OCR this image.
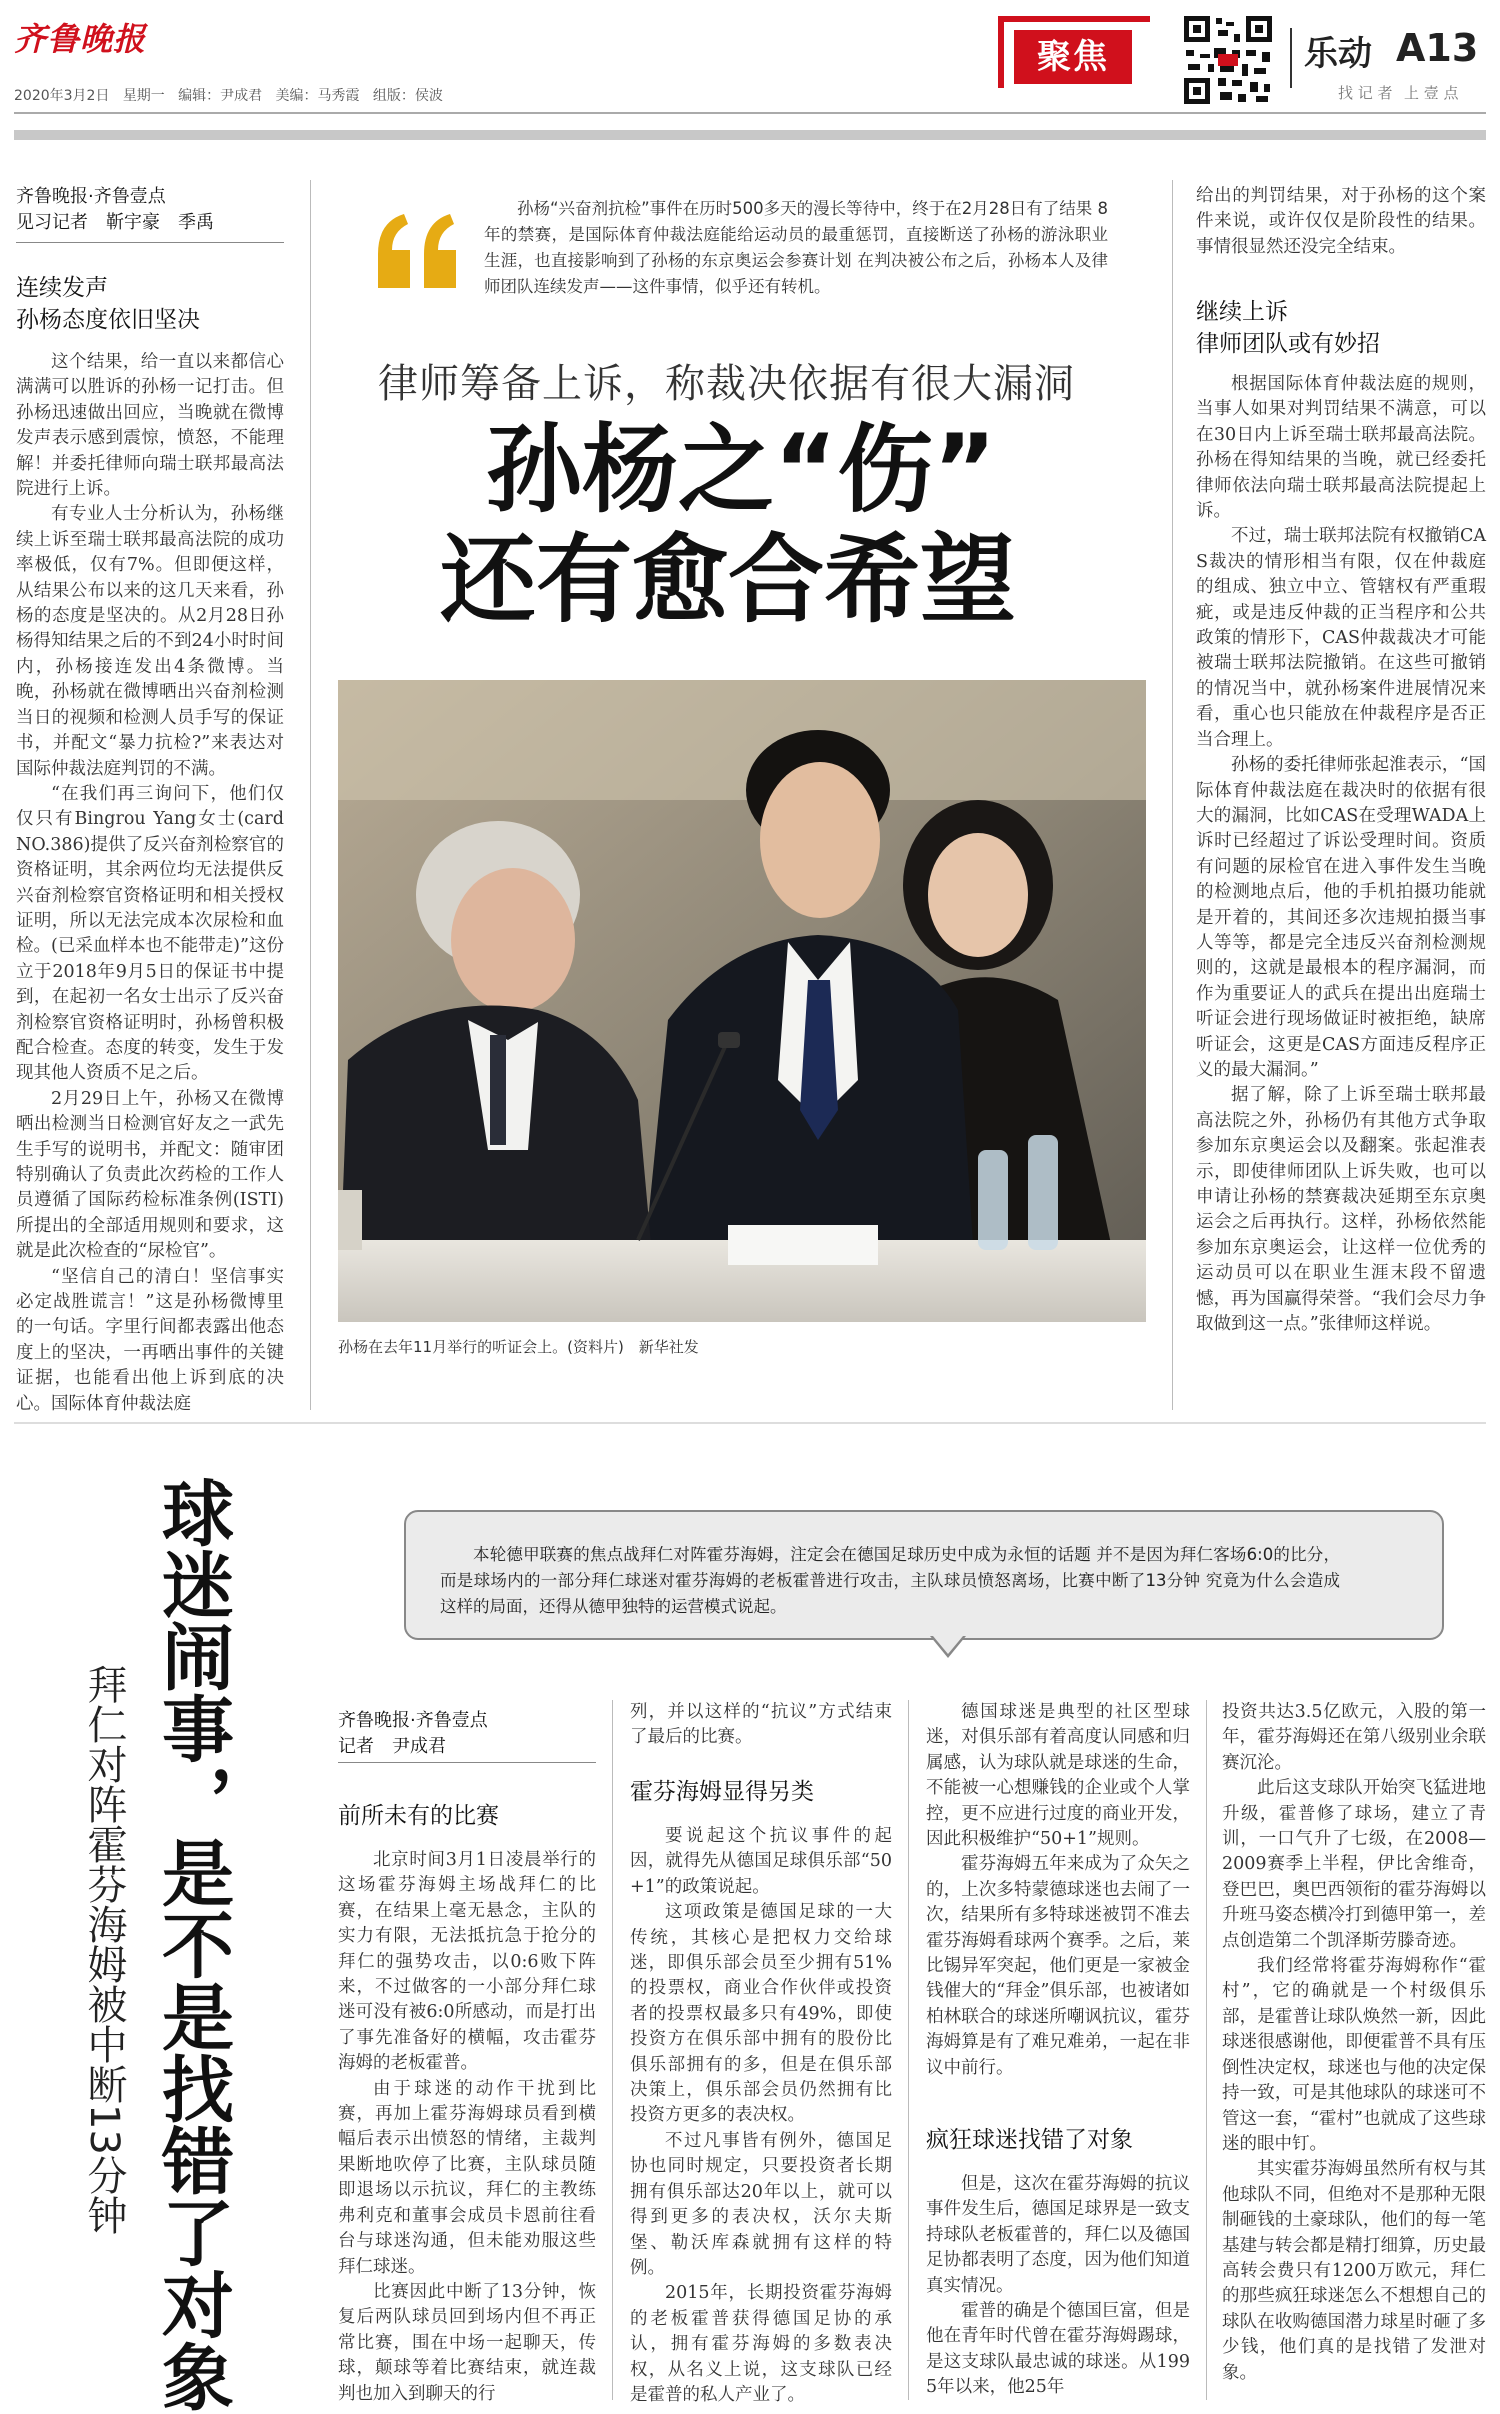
齐鲁晚报
2020年3月2日 星期一 编辑：尹成君 美编：马秀霞 组版：侯波
聚焦	乐动 A13
找 记 者 上 壹 点
齐鲁晚报·齐鲁壹点
见习记者　靳宇豪　季禹
连续发声
孙杨态度依旧坚决

这个结果，给一直以来都信心满满可以胜诉的孙杨一记打击。但孙杨迅速做出回应，当晚就在微博发声表示感到震惊，愤怒，不能理解！并委托律师向瑞士联邦最高法院进行上诉。

有专业人士分析认为，孙杨继续上诉至瑞士联邦最高法院的成功率极低，仅有7%。但即便这样，从结果公布以来的这几天来看，孙杨的态度是坚决的。从2月28日孙杨得知结果之后的不到24小时时间内，孙杨接连发出4条微博。当晚，孙杨就在微博晒出兴奋剂检测当日的视频和检测人员手写的保证书，并配文“暴力抗检?”来表达对国际仲裁法庭判罚的不满。

“在我们再三询问下，他们仅仅只有Bingrou Yang女士(card NO.386)提供了反兴奋剂检察官的资格证明，其余两位均无法提供反兴奋剂检察官资格证明和相关授权证明，所以无法完成本次尿检和血检。(已采血样本也不能带走)”这份立于2018年9月5日的保证书中提到，在起初一名女士出示了反兴奋剂检察官资格证明时，孙杨曾积极配合检查。态度的转变，发生于发现其他人资质不足之后。

2月29日上午，孙杨又在微博晒出检测当日检测官好友之一武先生手写的说明书，并配文：随审团特别确认了负责此次药检的工作人员遵循了国际药检标准条例(ISTI)所提出的全部适用规则和要求，这就是此次检查的“尿检官”。

“坚信自己的清白！坚信事实必定战胜谎言！”这是孙杨微博里的一句话。字里行间都表露出他态度上的坚决，一再晒出事件的关键证据，也能看出他上诉到底的决心。国际体育仲裁法庭

孙杨“兴奋剂抗检”事件在历时500多天的漫长等待中，终于在2月28日有了结果 8年的禁赛，是国际体育仲裁法庭能给运动员的最重惩罚，直接断送了孙杨的游泳职业生涯，也直接影响到了孙杨的东京奥运会参赛计划 在判决被公布之后，孙杨本人及律师团队连续发声——这件事情，似乎还有转机。
律师筹备上诉，称裁决依据有很大漏洞
孙杨之“伤”
还有愈合希望
孙杨在去年11月举行的听证会上。(资料片)　新华社发

给出的判罚结果，对于孙杨的这个案件来说，或许仅仅是阶段性的结果。事情很显然还没完全结束。

继续上诉
律师团队或有妙招

根据国际体育仲裁法庭的规则，当事人如果对判罚结果不满意，可以在30日内上诉至瑞士联邦最高法院。孙杨在得知结果的当晚，就已经委托律师依法向瑞士联邦最高法院提起上诉。

不过，瑞士联邦法院有权撤销CAS裁决的情形相当有限，仅在仲裁庭的组成、独立中立、管辖权有严重瑕疵，或是违反仲裁的正当程序和公共政策的情形下，CAS仲裁裁决才可能被瑞士联邦法院撤销。在这些可撤销的情况当中，就孙杨案件进展情况来看，重心也只能放在仲裁程序是否正当合理上。

孙杨的委托律师张起淮表示，“国际体育仲裁法庭在裁决时的依据有很大的漏洞，比如CAS在受理WADA上诉时已经超过了诉讼受理时间。资质有问题的尿检官在进入事件发生当晚的检测地点后，他的手机拍摄功能就是开着的，其间还多次违规拍摄当事人等等，都是完全违反兴奋剂检测规则的，这就是最根本的程序漏洞，而作为重要证人的武兵在提出出庭瑞士听证会进行现场做证时被拒绝，缺席听证会，这更是CAS方面违反程序正义的最大漏洞。”

据了解，除了上诉至瑞士联邦最高法院之外，孙杨仍有其他方式争取参加东京奥运会以及翻案。张起淮表示，即使律师团队上诉失败，也可以申请让孙杨的禁赛裁决延期至东京奥运会之后再执行。这样，孙杨依然能参加东京奥运会，让这样一位优秀的运动员可以在职业生涯末段不留遗憾，再为国赢得荣誉。“我们会尽力争取做到这一点。”张律师这样说。

球迷闹事，是不是找错了对象
拜仁对阵霍芬海姆被中断13分钟
本轮德甲联赛的焦点战拜仁对阵霍芬海姆，注定会在德国足球历史中成为永恒的话题 并不是因为拜仁客场6:0的比分，而是球场内的一部分拜仁球迷对霍芬海姆的老板霍普进行攻击，主队球员愤怒离场，比赛中断了13分钟 究竟为什么会造成这样的局面，还得从德甲独特的运营模式说起。
齐鲁晚报·齐鲁壹点
记者　尹成君
前所未有的比赛

北京时间3月1日凌晨举行的这场霍芬海姆主场战拜仁的比赛，在结果上毫无悬念，主队的实力有限，无法抵抗急于抢分的拜仁的强势攻击，以0:6败下阵来，不过做客的一小部分拜仁球迷可没有被6:0所感动，而是打出了事先准备好的横幅，攻击霍芬海姆的老板霍普。

由于球迷的动作干扰到比赛，再加上霍芬海姆球员看到横幅后表示出愤怒的情绪，主裁判果断地吹停了比赛，主队球员随即退场以示抗议，拜仁的主教练弗利克和董事会成员卡恩前往看台与球迷沟通，但未能劝服这些拜仁球迷。

比赛因此中断了13分钟，恢复后两队球员回到场内但不再正常比赛，围在中场一起聊天，传球，颠球等着比赛结束，就连裁判也加入到聊天的行

列，并以这样的“抗议”方式结束了最后的比赛。

霍芬海姆显得另类

要说起这个抗议事件的起因，就得先从德国足球俱乐部“50+1”的政策说起。

这项政策是德国足球的一大传统，其核心是把权力交给球迷，即俱乐部会员至少拥有51%的投票权，商业合作伙伴或投资者的投票权最多只有49%，即使投资方在俱乐部中拥有的股份比俱乐部拥有的多，但是在俱乐部决策上，俱乐部会员仍然拥有比投资方更多的表决权。

不过凡事皆有例外，德国足协也同时规定，只要投资者长期拥有俱乐部达20年以上，就可以得到更多的表决权，沃尔夫斯堡、勒沃库森就拥有这样的特例。

2015年，长期投资霍芬海姆的老板霍普获得德国足协的承认，拥有霍芬海姆的多数表决权，从名义上说，这支球队已经是霍普的私人产业了。

德国球迷是典型的社区型球迷，对俱乐部有着高度认同感和归属感，认为球队就是球迷的生命，不能被一心想赚钱的企业或个人掌控，更不应进行过度的商业开发，因此积极维护“50+1”规则。

霍芬海姆五年来成为了众矢之的，上次多特蒙德球迷也去闹了一次，结果所有多特球迷被罚不准去霍芬海姆看球两个赛季。之后，莱比锡异军突起，他们更是一家被金钱催大的“拜金”俱乐部，也被诸如柏林联合的球迷所嘲讽抗议，霍芬海姆算是有了难兄难弟，一起在非议中前行。

疯狂球迷找错了对象

但是，这次在霍芬海姆的抗议事件发生后，德国足球界是一致支持球队老板霍普的，拜仁以及德国足协都表明了态度，因为他们知道真实情况。

霍普的确是个德国巨富，但是他在青年时代曾在霍芬海姆踢球，是这支球队最忠诚的球迷。从1995年以来，他25年

投资共达3.5亿欧元，入股的第一年，霍芬海姆还在第八级别业余联赛沉沦。

此后这支球队开始突飞猛进地升级，霍普修了球场，建立了青训，一口气升了七级，在2008—2009赛季上半程，伊比舍维奇，登巴巴，奥巴西领衔的霍芬海姆以升班马姿态横冷打到德甲第一，差点创造第二个凯泽斯劳滕奇迹。

我们经常将霍芬海姆称作“霍村”，它的确就是一个村级俱乐部，是霍普让球队焕然一新，因此球迷很感谢他，即便霍普不具有压倒性决定权，球迷也与他的决定保持一致，可是其他球队的球迷可不管这一套，“霍村”也就成了这些球迷的眼中钉。

其实霍芬海姆虽然所有权与其他球队不同，但绝对不是那种无限制砸钱的土豪球队，他们的每一笔基建与转会都是精打细算，历史最高转会费只有1200万欧元，拜仁的那些疯狂球迷怎么不想想自己的球队在收购德国潜力球星时砸了多少钱，他们真的是找错了发泄对象。
